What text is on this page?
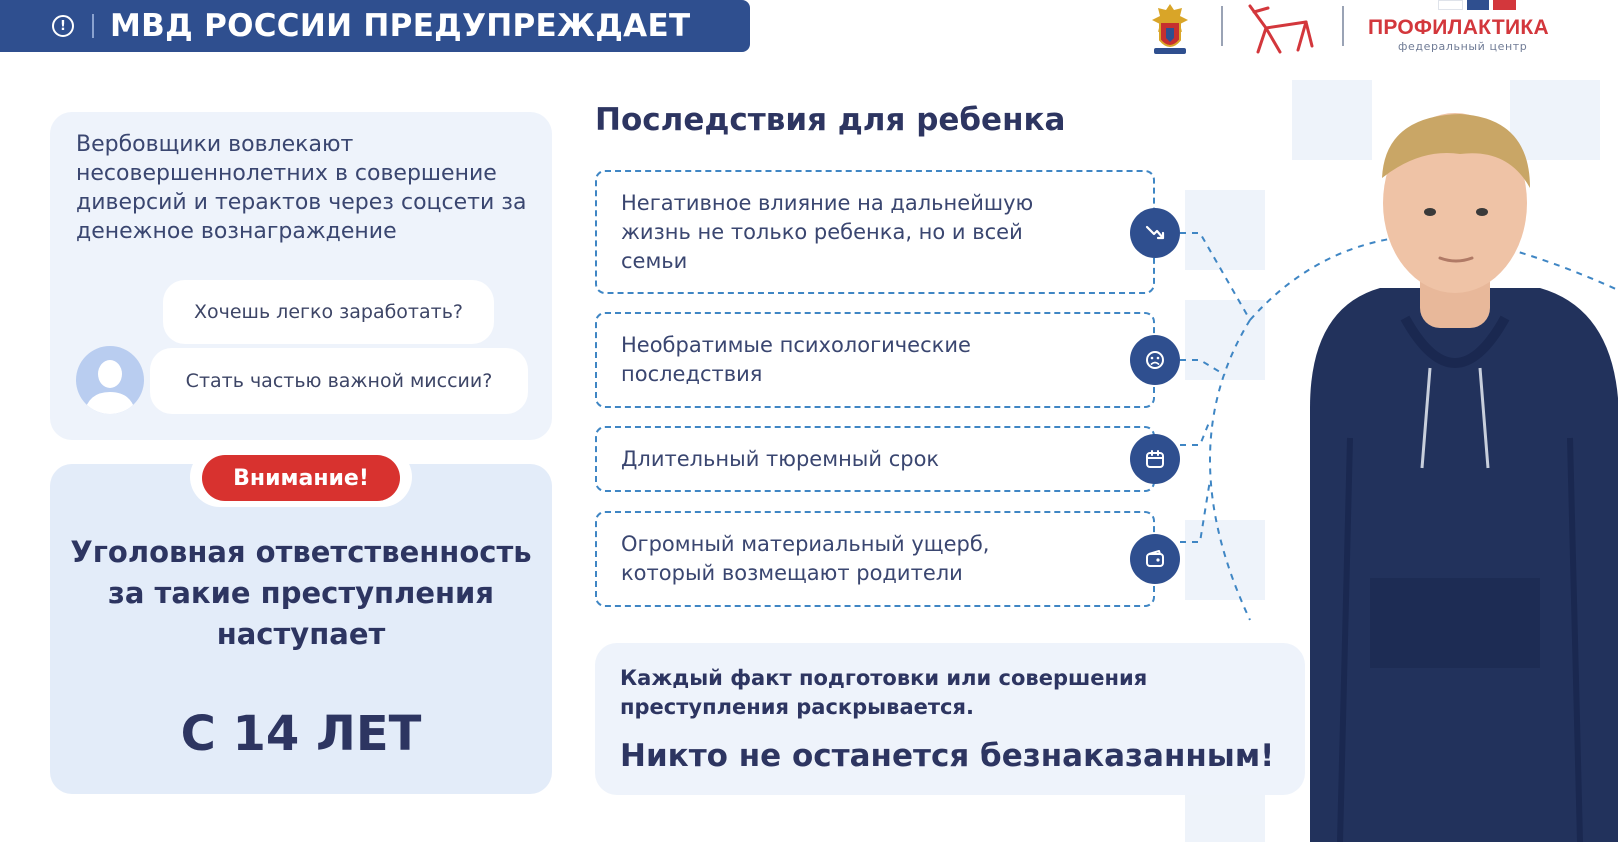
! МВД РОССИИ ПРЕДУПРЕЖДАЕТ	ПРОФИЛАКТИКА
федеральный центр
Вербовщики вовлекают несовершеннолетних в совершение диверсий и терактов через соцсети за денежное вознаграждение
Хочешь легко заработать?
Стать частью важной миссии?
Внимание!
Уголовная ответственность за такие преступления наступает
С 14 ЛЕТ
Последствия для ребенка
Негативное влияние на дальнейшую жизнь не только ребенка, но и всей семьи
Необратимые психологические последствия
Длительный тюремный срок
Огромный материальный ущерб, который возмещают родители
Каждый факт подготовки или совершения преступления раскрывается.
Никто не останется безнаказанным!
